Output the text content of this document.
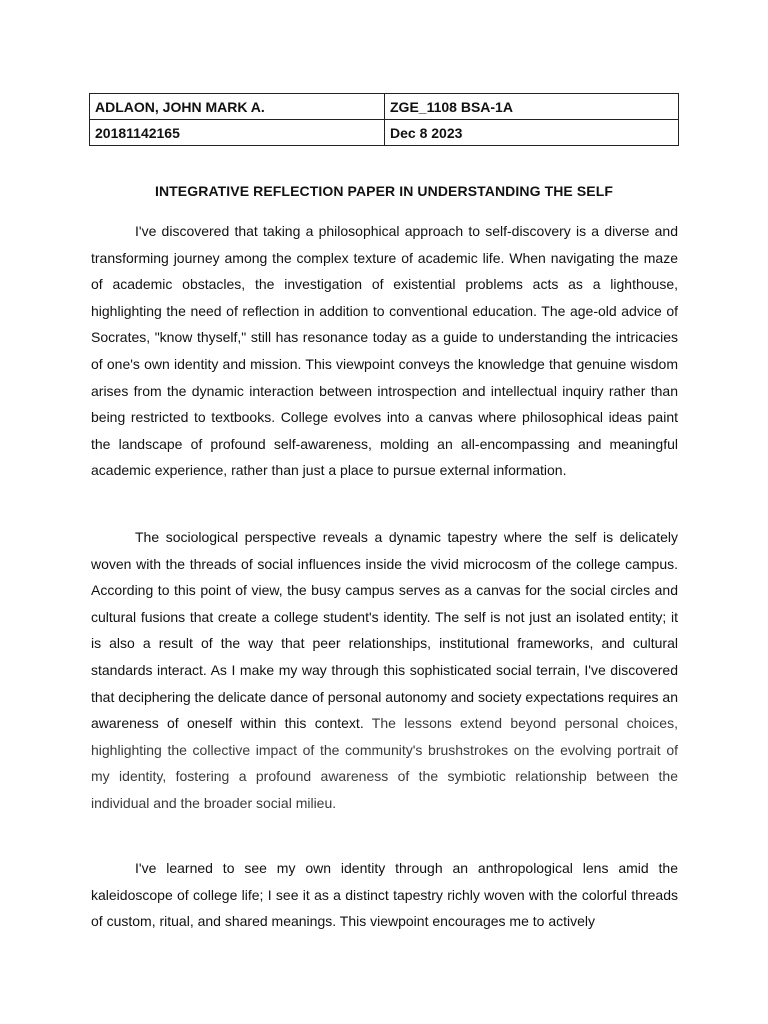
ADLAON, JOHN MARK A.	ZGE_1108 BSA-1A
20181142165	Dec 8 2023
INTEGRATIVE REFLECTION PAPER IN UNDERSTANDING THE SELF

I've discovered that taking a philosophical approach to self-discovery is a diverse and transforming journey among the complex texture of academic life. When navigating the maze of academic obstacles, the investigation of existential problems acts as a lighthouse, highlighting the need of reflection in addition to conventional education. The age-old advice of Socrates, "know thyself," still has resonance today as a guide to understanding the intricacies of one's own identity and mission. This viewpoint conveys the knowledge that genuine wisdom arises from the dynamic interaction between introspection and intellectual inquiry rather than being restricted to textbooks. College evolves into a canvas where philosophical ideas paint the landscape of profound self-awareness, molding an all-encompassing and meaningful academic experience, rather than just a place to pursue external information.

The sociological perspective reveals a dynamic tapestry where the self is delicately woven with the threads of social influences inside the vivid microcosm of the college campus. According to this point of view, the busy campus serves as a canvas for the social circles and cultural fusions that create a college student's identity. The self is not just an isolated entity; it is also a result of the way that peer relationships, institutional frameworks, and cultural standards interact. As I make my way through this sophisticated social terrain, I've discovered that deciphering the delicate dance of personal autonomy and society expectations requires an awareness of oneself within this context. The lessons extend beyond personal choices, highlighting the collective impact of the community's brushstrokes on the evolving portrait of my identity, fostering a profound awareness of the symbiotic relationship between the individual and the broader social milieu.

I've learned to see my own identity through an anthropological lens amid the kaleidoscope of college life; I see it as a distinct tapestry richly woven with the colorful threads of custom, ritual, and shared meanings. This viewpoint encourages me to actively
